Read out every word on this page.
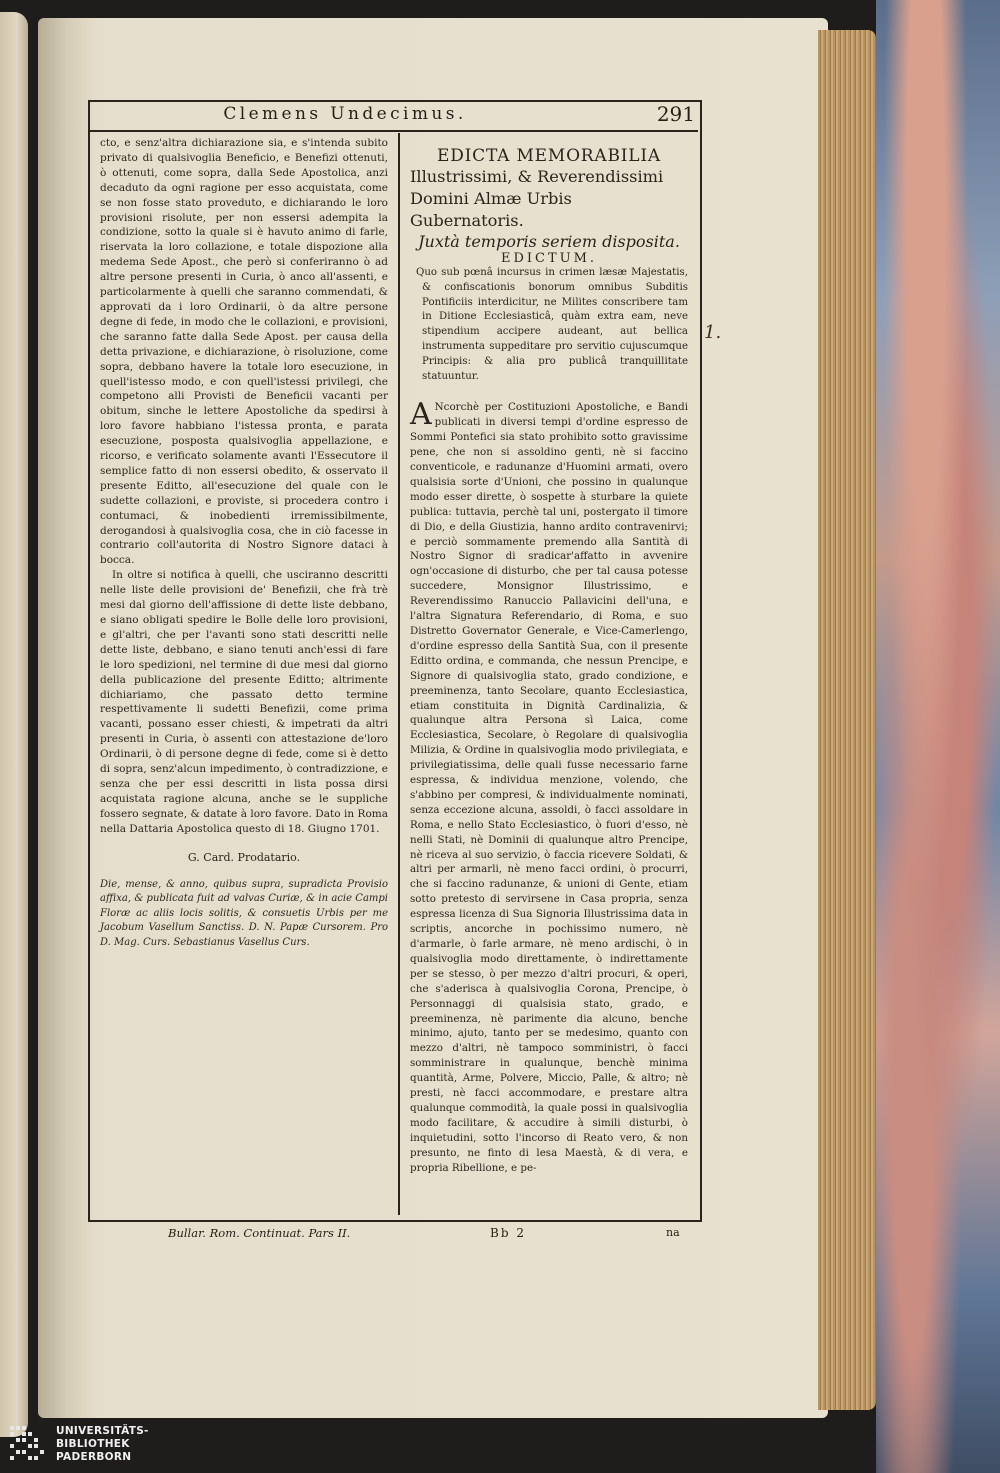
Clemens Undecimus.	291

cto, e senz'altra dichiarazione sia, e s'intenda subito privato di qualsivoglia Beneficio, e Benefizi ottenuti, ò ottenuti, come sopra, dalla Sede Apostolica, anzi decaduto da ogni ragione per esso acquistata, come se non fosse stato proveduto, e dichiarando le loro provisioni risolute, per non essersi adempita la condizione, sotto la quale si è havuto animo di farle, riservata la loro collazione, e totale dispozione alla medema Sede Apost., che però si conferiranno ò ad altre persone presenti in Curia, ò anco all'assenti, e particolarmente à quelli che saranno commendati, & approvati da i loro Ordinarii, ò da altre persone degne di fede, in modo che le collazioni, e provisioni, che saranno fatte dalla Sede Apost. per causa della detta privazione, e dichiarazione, ò risoluzione, come sopra, debbano havere la totale loro esecuzione, in quell'istesso modo, e con quell'istessi privilegi, che competono alli Provisti de Beneficii vacanti per obitum, sinche le lettere Apostoliche da spedirsi à loro favore habbiano l'istessa pronta, e parata esecuzione, posposta qualsivoglia appellazione, e ricorso, e verificato solamente avanti l'Essecutore il semplice fatto di non essersi obedito, & osservato il presente Editto, all'esecuzione del quale con le sudette collazioni, e proviste, si procedera contro i contumaci, & inobedienti irremissibilmente, derogandosi à qualsivoglia cosa, che in ciò facesse in contrario coll'autorita di Nostro Signore dataci à bocca.

In oltre si notifica à quelli, che usciranno descritti nelle liste delle provisioni de' Benefizii, che frà trè mesi dal giorno dell'affissione di dette liste debbano, e siano obligati spedire le Bolle delle loro provisioni, e gl'altri, che per l'avanti sono stati descritti nelle dette liste, debbano, e siano tenuti anch'essi di fare le loro spedizioni, nel termine di due mesi dal giorno della publicazione del presente Editto; altrimente dichiariamo, che passato detto termine respettivamente li sudetti Benefizii, come prima vacanti, possano esser chiesti, & impetrati da altri presenti in Curia, ò assenti con attestazione de'loro Ordinarii, ò di persone degne di fede, come si è detto di sopra, senz'alcun impedimento, ò contradizzione, e senza che per essi descritti in lista possa dirsi acquistata ragione alcuna, anche se le suppliche fossero segnate, & datate à loro favore. Dato in Roma nella Dattaria Apostolica questo di 18. Giugno 1701.

G. Card. Prodatario.

Die, mense, & anno, quibus supra, supradicta Provisio affixa, & publicata fuit ad valvas Curiæ, & in acie Campi Floræ ac aliis locis solitis, & consuetis Urbis per me Jacobum Vasellum Sanctiss. D. N. Papæ Cursorem. Pro D. Mag. Curs. Sebastianus Vasellus Curs.

EDICTA MEMORABILIA

Illustrissimi, & Reverendissimi Domini Almæ Urbis Gubernatoris.

Juxtà temporis seriem disposita.

EDICTUM.

Quo sub pœnâ incursus in crimen læsæ Majestatis, & confiscationis bonorum omnibus Subditis Pontificiis interdicitur, ne Milites conscribere tam in Ditione Ecclesiasticâ, quàm extra eam, neve stipendium accipere audeant, aut bellica instrumenta suppeditare pro servitio cujuscumque Principis: & alia pro publicâ tranquillitate statuuntur.

A Ncorchè per Costituzioni Apostoliche, e Bandi publicati in diversi tempi d'ordine espresso de Sommi Pontefici sia stato prohibito sotto gravissime pene, che non si assoldino genti, nè si faccino conventicole, e radunanze d'Huomini armati, overo qualsisia sorte d'Unioni, che possino in qualunque modo esser dirette, ò sospette à sturbare la quiete publica: tuttavia, perchè tal uni, postergato il timore di Dio, e della Giustizia, hanno ardito contravenirvi; e perciò sommamente premendo alla Santità di Nostro Signor di sradicar'affatto in avvenire ogn'occasione di disturbo, che per tal causa potesse succedere, Monsignor Illustrissimo, e Reverendissimo Ranuccio Pallavicini dell'una, e l'altra Signatura Referendario, di Roma, e suo Distretto Governator Generale, e Vice-Camerlengo, d'ordine espresso della Santità Sua, con il presente Editto ordina, e commanda, che nessun Prencipe, e Signore di qualsivoglia stato, grado condizione, e preeminenza, tanto Secolare, quanto Ecclesiastica, etiam constituita in Dignità Cardinalizia, & qualunque altra Persona sì Laica, come Ecclesiastica, Secolare, ò Regolare di qualsivoglia Milizia, & Ordine in qualsivoglia modo privilegiata, e privilegiatissima, delle quali fusse necessario farne espressa, & individua menzione, volendo, che s'abbino per compresi, & individualmente nominati, senza eccezione alcuna, assoldi, ò facci assoldare in Roma, e nello Stato Ecclesiastico, ò fuori d'esso, nè nelli Stati, nè Dominii di qualunque altro Prencipe, nè riceva al suo servizio, ò faccia ricevere Soldati, & altri per armarli, nè meno facci ordini, ò procurri, che si faccino radunanze, & unioni di Gente, etiam sotto pretesto di servirsene in Casa propria, senza espressa licenza di Sua Signoria Illustrissima data in scriptis, ancorche in pochissimo numero, nè d'armarle, ò farle armare, nè meno ardischi, ò in qualsivoglia modo direttamente, ò indirettamente per se stesso, ò per mezzo d'altri procuri, & operi, che s'aderisca à qualsivoglia Corona, Prencipe, ò Personnaggi di qualsisia stato, grado, e preeminenza, nè parimente dia alcuno, benche minimo, ajuto, tanto per se medesimo, quanto con mezzo d'altri, nè tampoco somministri, ò facci somministrare in qualunque, benchè minima quantità, Arme, Polvere, Miccio, Palle, & altro; nè presti, nè facci accommodare, e prestare altra qualunque commodità, la quale possi in qualsivoglia modo facilitare, & accudire à simili disturbi, ò inquietudini, sotto l'incorso di Reato vero, & non presunto, ne finto di lesa Maestà, & di vera, e propria Ribellione, e pe-

1.
Bullar. Rom. Continuat. Pars II.	Bb 2	na
UNIVERSITÄTS-
BIBLIOTHEK
PADERBORN
